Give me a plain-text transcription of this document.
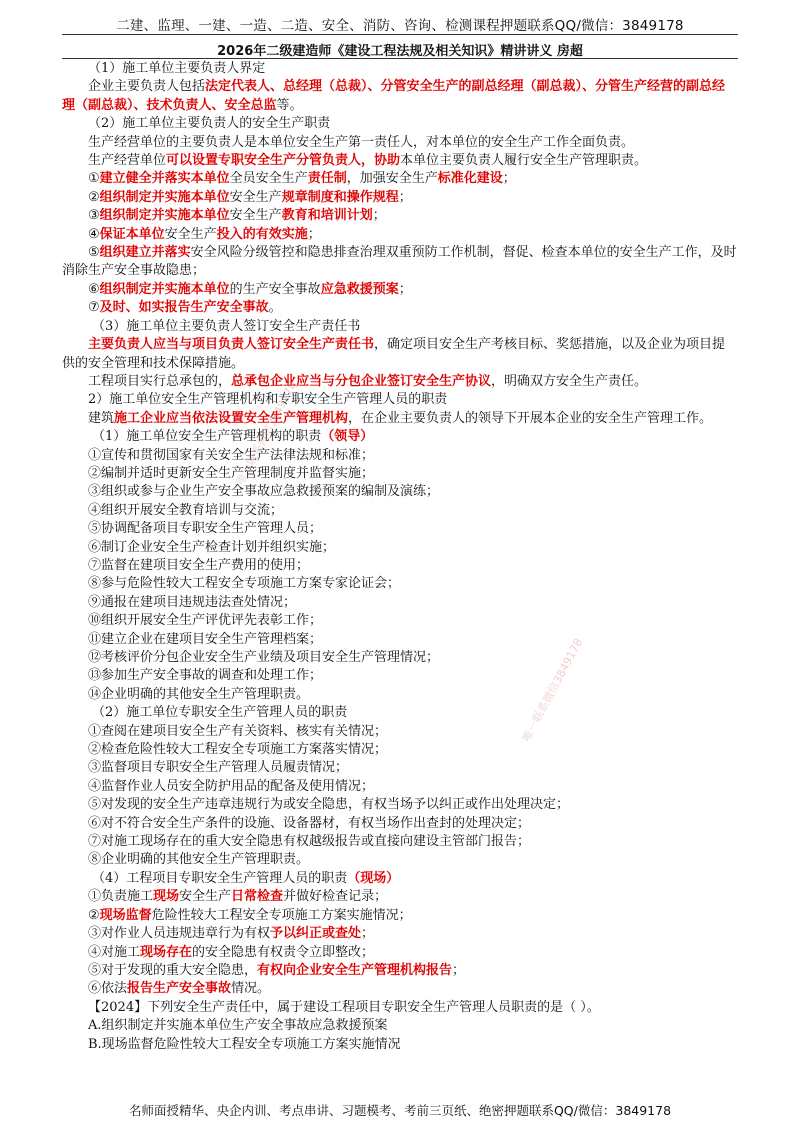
二建、监理、一建、一造、二造、安全、消防、咨询、检测课程押题联系QQ/微信：3849178
2026年二级建造师《建设工程法规及相关知识》精讲讲义 房超

（1）施工单位主要负责人界定

企业主要负责人包括法定代表人、总经理（总裁）、分管安全生产的副总经理（副总裁）、分管生产经营的副总经理（副总裁）、技术负责人、安全总监等。

（2）施工单位主要负责人的安全生产职责

生产经营单位的主要负责人是本单位安全生产第一责任人，对本单位的安全生产工作全面负责。

生产经营单位可以设置专职安全生产分管负责人，协助本单位主要负责人履行安全生产管理职责。

①建立健全并落实本单位全员安全生产责任制，加强安全生产标准化建设；

②组织制定并实施本单位安全生产规章制度和操作规程；

③组织制定并实施本单位安全生产教育和培训计划；

④保证本单位安全生产投入的有效实施；

⑤组织建立并落实安全风险分级管控和隐患排查治理双重预防工作机制，督促、检查本单位的安全生产工作，及时消除生产安全事故隐患；

⑥组织制定并实施本单位的生产安全事故应急救援预案；

⑦及时、如实报告生产安全事故。

（3）施工单位主要负责人签订安全生产责任书

主要负责人应当与项目负责人签订安全生产责任书，确定项目安全生产考核目标、奖惩措施，以及企业为项目提供的安全管理和技术保障措施。

工程项目实行总承包的，总承包企业应当与分包企业签订安全生产协议，明确双方安全生产责任。

2）施工单位安全生产管理机构和专职安全生产管理人员的职责

建筑施工企业应当依法设置安全生产管理机构，在企业主要负责人的领导下开展本企业的安全生产管理工作。

（1）施工单位安全生产管理机构的职责（领导）

①宣传和贯彻国家有关安全生产法律法规和标准；

②编制并适时更新安全生产管理制度并监督实施；

③组织或参与企业生产安全事故应急救援预案的编制及演练；

④组织开展安全教育培训与交流；

⑤协调配备项目专职安全生产管理人员；

⑥制订企业安全生产检查计划并组织实施；

⑦监督在建项目安全生产费用的使用；

⑧参与危险性较大工程安全专项施工方案专家论证会；

⑨通报在建项目违规违法查处情况；

⑩组织开展安全生产评优评先表彰工作；

⑪建立企业在建项目安全生产管理档案；

⑫考核评价分包企业安全生产业绩及项目安全生产管理情况；

⑬参加生产安全事故的调查和处理工作；

⑭企业明确的其他安全生产管理职责。

（2）施工单位专职安全生产管理人员的职责

①查阅在建项目安全生产有关资料、核实有关情况；

②检查危险性较大工程安全专项施工方案落实情况；

③监督项目专职安全生产管理人员履责情况；

④监督作业人员安全防护用品的配备及使用情况；

⑤对发现的安全生产违章违规行为或安全隐患，有权当场予以纠正或作出处理决定；

⑥对不符合安全生产条件的设施、设备器材，有权当场作出查封的处理决定；

⑦对施工现场存在的重大安全隐患有权越级报告或直接向建设主管部门报告；

⑧企业明确的其他安全生产管理职责。

（4）工程项目专职安全生产管理人员的职责（现场）

①负责施工现场安全生产日常检查并做好检查记录；

②现场监督危险性较大工程安全专项施工方案实施情况；

③对作业人员违规违章行为有权予以纠正或查处；

④对施工现场存在的安全隐患有权责令立即整改；

⑤对于发现的重大安全隐患，有权向企业安全生产管理机构报告；

⑥依法报告生产安全事故情况。

【2024】下列安全生产责任中，属于建设工程项目专职安全生产管理人员职责的是（ ）。

A.组织制定并实施本单位生产安全事故应急救援预案

B.现场监督危险性较大工程安全专项施工方案实施情况

唯一联系微信3849178
唯一联系微信3849178
名师面授精华、央企内训、考点串讲、习题模考、考前三页纸、绝密押题联系QQ/微信：3849178
